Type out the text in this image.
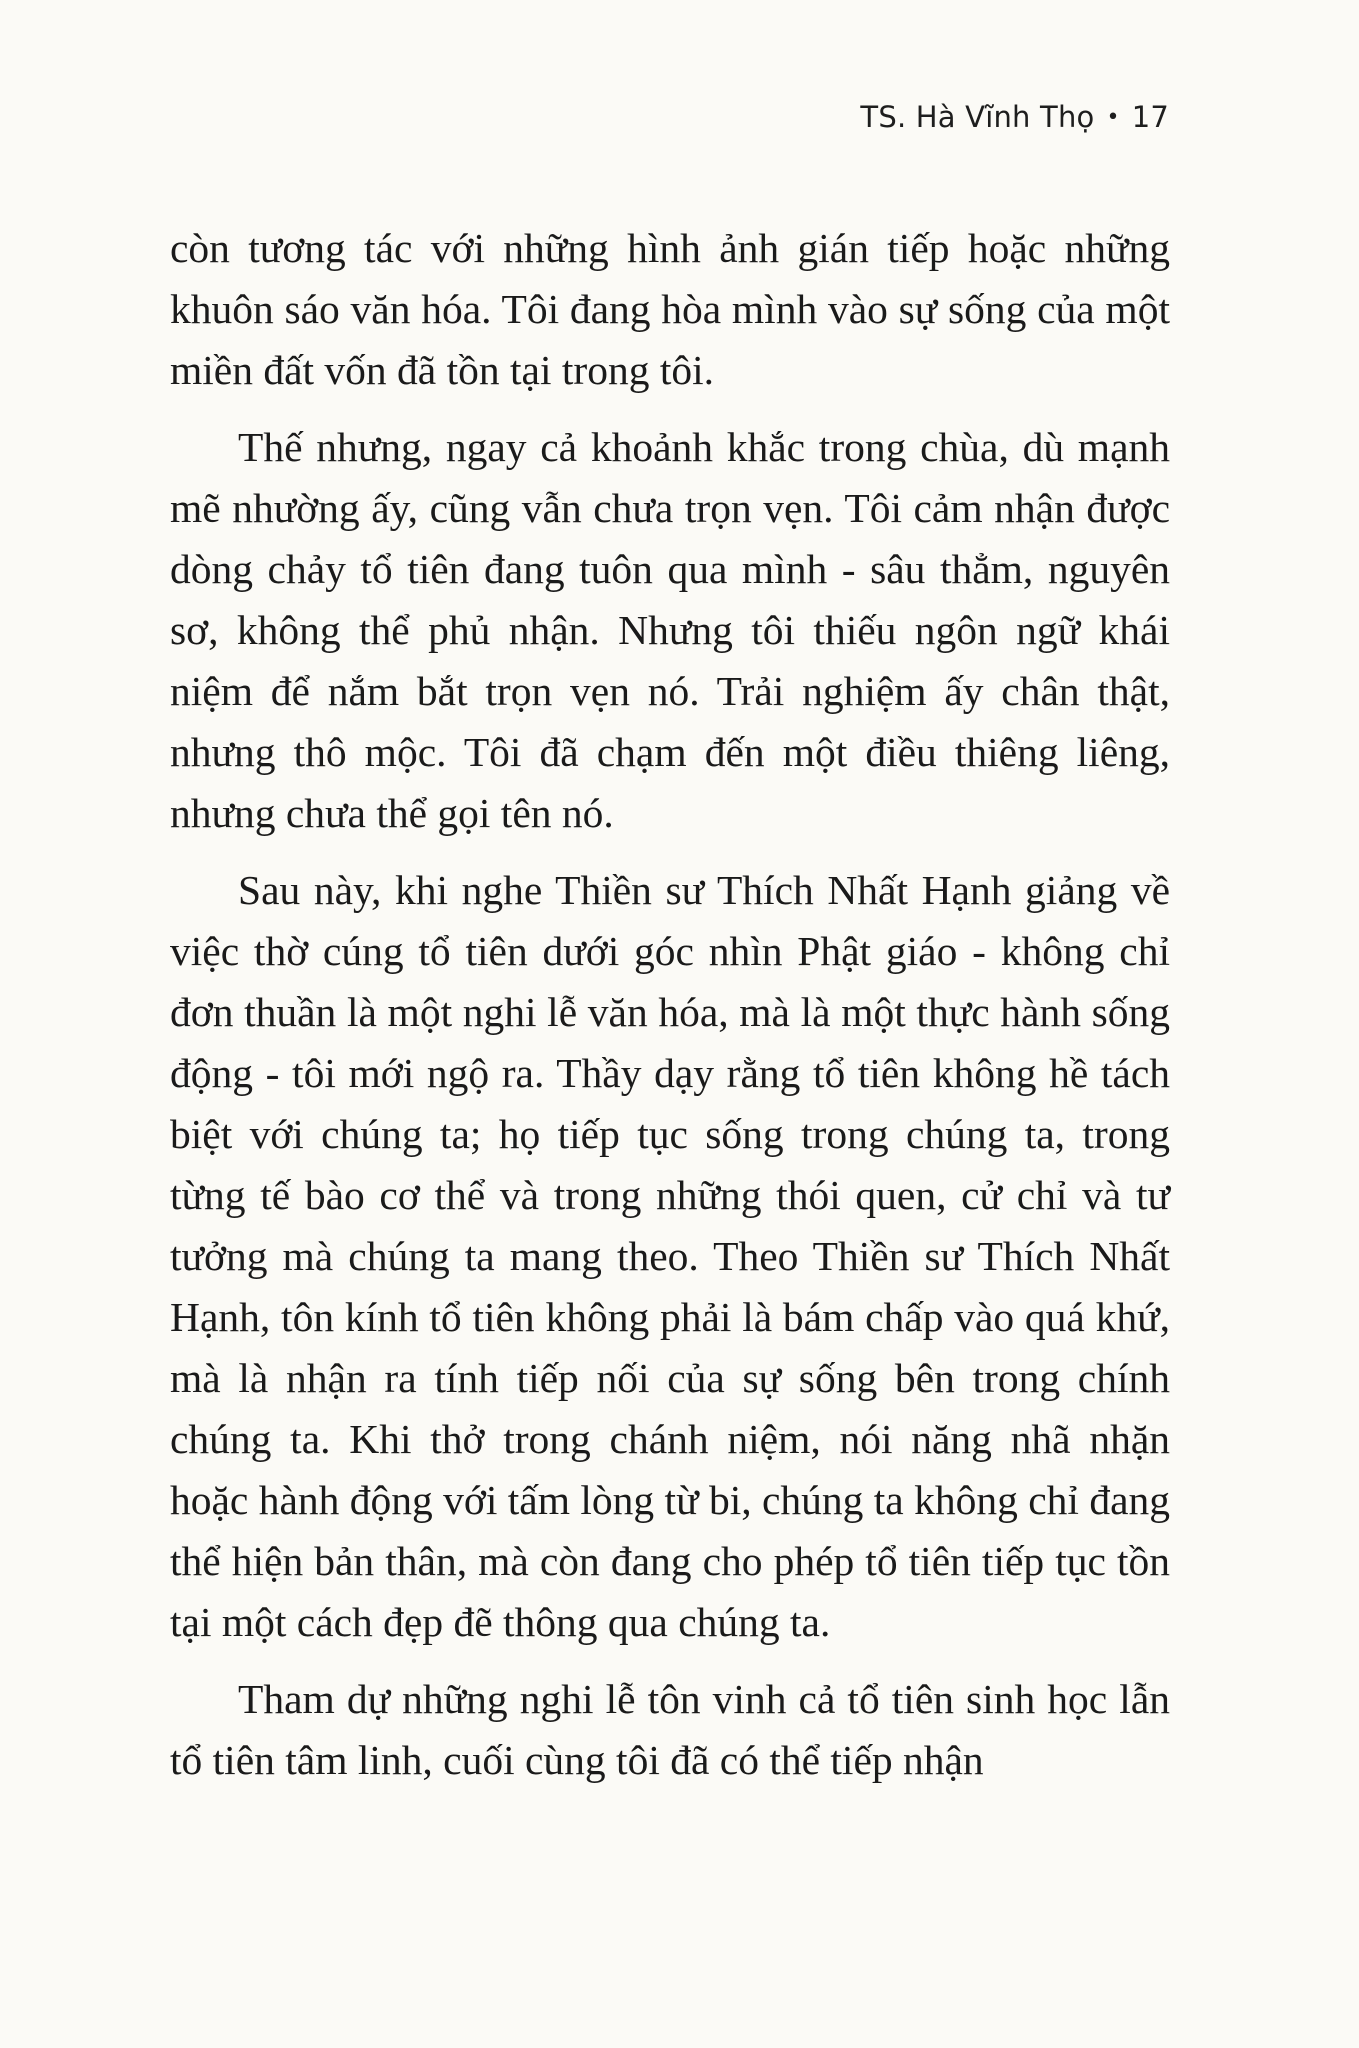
TS. Hà Vĩnh Thọ • 17

còn tương tác với những hình ảnh gián tiếp hoặc những khuôn sáo văn hóa. Tôi đang hòa mình vào sự sống của một miền đất vốn đã tồn tại trong tôi.

Thế nhưng, ngay cả khoảnh khắc trong chùa, dù mạnh mẽ nhường ấy, cũng vẫn chưa trọn vẹn. Tôi cảm nhận được dòng chảy tổ tiên đang tuôn qua mình - sâu thẳm, nguyên sơ, không thể phủ nhận. Nhưng tôi thiếu ngôn ngữ khái niệm để nắm bắt trọn vẹn nó. Trải nghiệm ấy chân thật, nhưng thô mộc. Tôi đã chạm đến một điều thiêng liêng, nhưng chưa thể gọi tên nó.

Sau này, khi nghe Thiền sư Thích Nhất Hạnh giảng về việc thờ cúng tổ tiên dưới góc nhìn Phật giáo - không chỉ đơn thuần là một nghi lễ văn hóa, mà là một thực hành sống động - tôi mới ngộ ra. Thầy dạy rằng tổ tiên không hề tách biệt với chúng ta; họ tiếp tục sống trong chúng ta, trong từng tế bào cơ thể và trong những thói quen, cử chỉ và tư tưởng mà chúng ta mang theo. Theo Thiền sư Thích Nhất Hạnh, tôn kính tổ tiên không phải là bám chấp vào quá khứ, mà là nhận ra tính tiếp nối của sự sống bên trong chính chúng ta. Khi thở trong chánh niệm, nói năng nhã nhặn hoặc hành động với tấm lòng từ bi, chúng ta không chỉ đang thể hiện bản thân, mà còn đang cho phép tổ tiên tiếp tục tồn tại một cách đẹp đẽ thông qua chúng ta.

Tham dự những nghi lễ tôn vinh cả tổ tiên sinh học lẫn tổ tiên tâm linh, cuối cùng tôi đã có thể tiếp nhận
